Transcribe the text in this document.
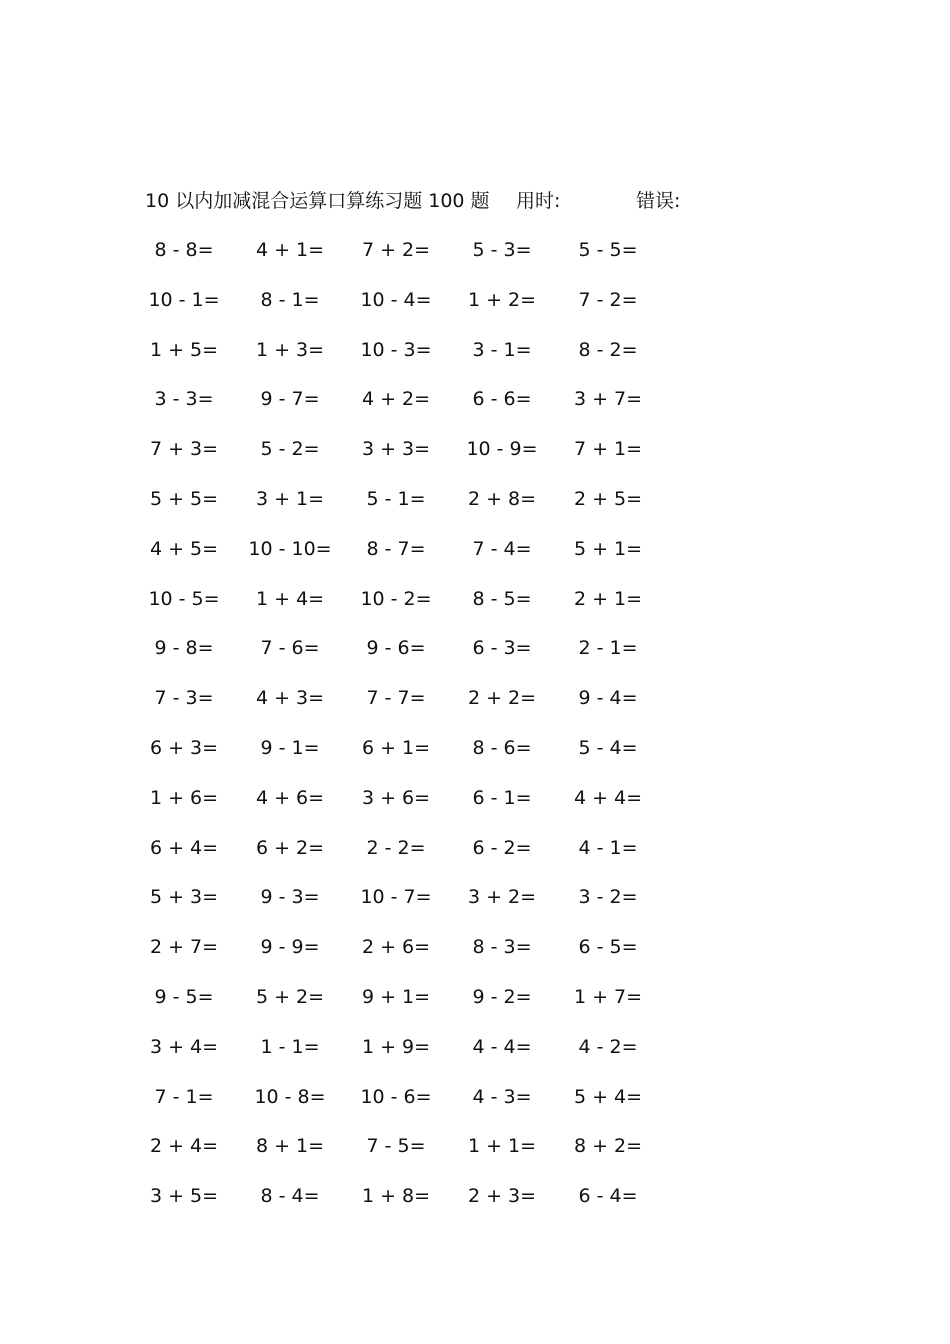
10 以内加减混合运算口算练习题 100 题 用时:	错误:
8 - 8=	4 + 1=	7 + 2=	5 - 3=	5 - 5=
10 - 1=	8 - 1=	10 - 4=	1 + 2=	7 - 2=
1 + 5=	1 + 3=	10 - 3=	3 - 1=	8 - 2=
3 - 3=	9 - 7=	4 + 2=	6 - 6=	3 + 7=
7 + 3=	5 - 2=	3 + 3=	10 - 9=	7 + 1=
5 + 5=	3 + 1=	5 - 1=	2 + 8=	2 + 5=
4 + 5=	10 - 10=	8 - 7=	7 - 4=	5 + 1=
10 - 5=	1 + 4=	10 - 2=	8 - 5=	2 + 1=
9 - 8=	7 - 6=	9 - 6=	6 - 3=	2 - 1=
7 - 3=	4 + 3=	7 - 7=	2 + 2=	9 - 4=
6 + 3=	9 - 1=	6 + 1=	8 - 6=	5 - 4=
1 + 6=	4 + 6=	3 + 6=	6 - 1=	4 + 4=
6 + 4=	6 + 2=	2 - 2=	6 - 2=	4 - 1=
5 + 3=	9 - 3=	10 - 7=	3 + 2=	3 - 2=
2 + 7=	9 - 9=	2 + 6=	8 - 3=	6 - 5=
9 - 5=	5 + 2=	9 + 1=	9 - 2=	1 + 7=
3 + 4=	1 - 1=	1 + 9=	4 - 4=	4 - 2=
7 - 1=	10 - 8=	10 - 6=	4 - 3=	5 + 4=
2 + 4=	8 + 1=	7 - 5=	1 + 1=	8 + 2=
3 + 5=	8 - 4=	1 + 8=	2 + 3=	6 - 4=
